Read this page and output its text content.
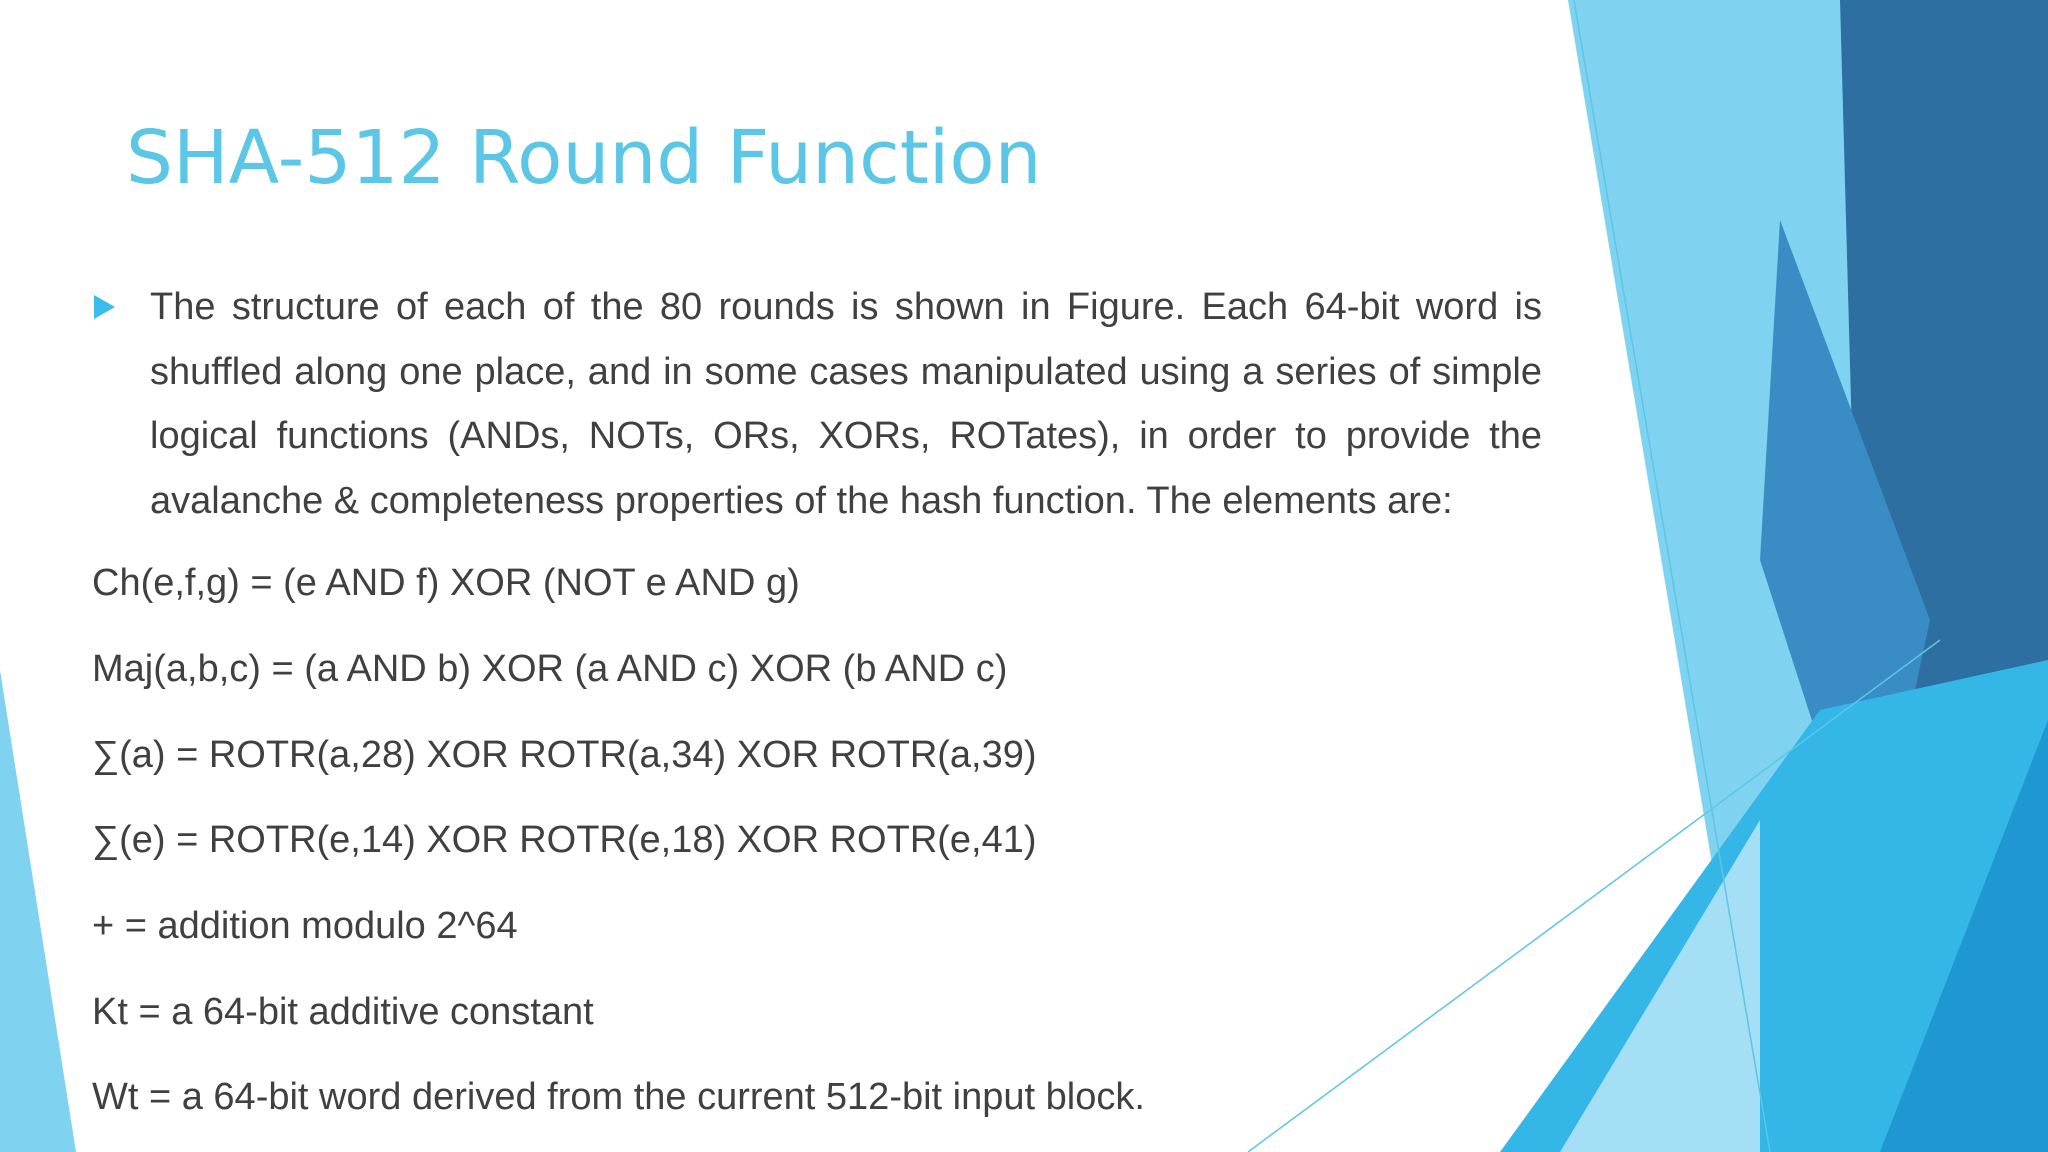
SHA-512 Round Function

The structure of each of the 80 rounds is shown in Figure. Each 64-bit word is shuffled along one place, and in some cases manipulated using a series of simple logical functions (ANDs, NOTs, ORs, XORs, ROTates), in order to provide the avalanche & completeness properties of the hash function. The elements are:

Ch(e,f,g) = (e AND f) XOR (NOT e AND g)

Maj(a,b,c) = (a AND b) XOR (a AND c) XOR (b AND c)

∑(a) = ROTR(a,28) XOR ROTR(a,34) XOR ROTR(a,39)

∑(e) = ROTR(e,14) XOR ROTR(e,18) XOR ROTR(e,41)

+ = addition modulo 2^64

Kt = a 64-bit additive constant

Wt = a 64-bit word derived from the current 512-bit input block.
